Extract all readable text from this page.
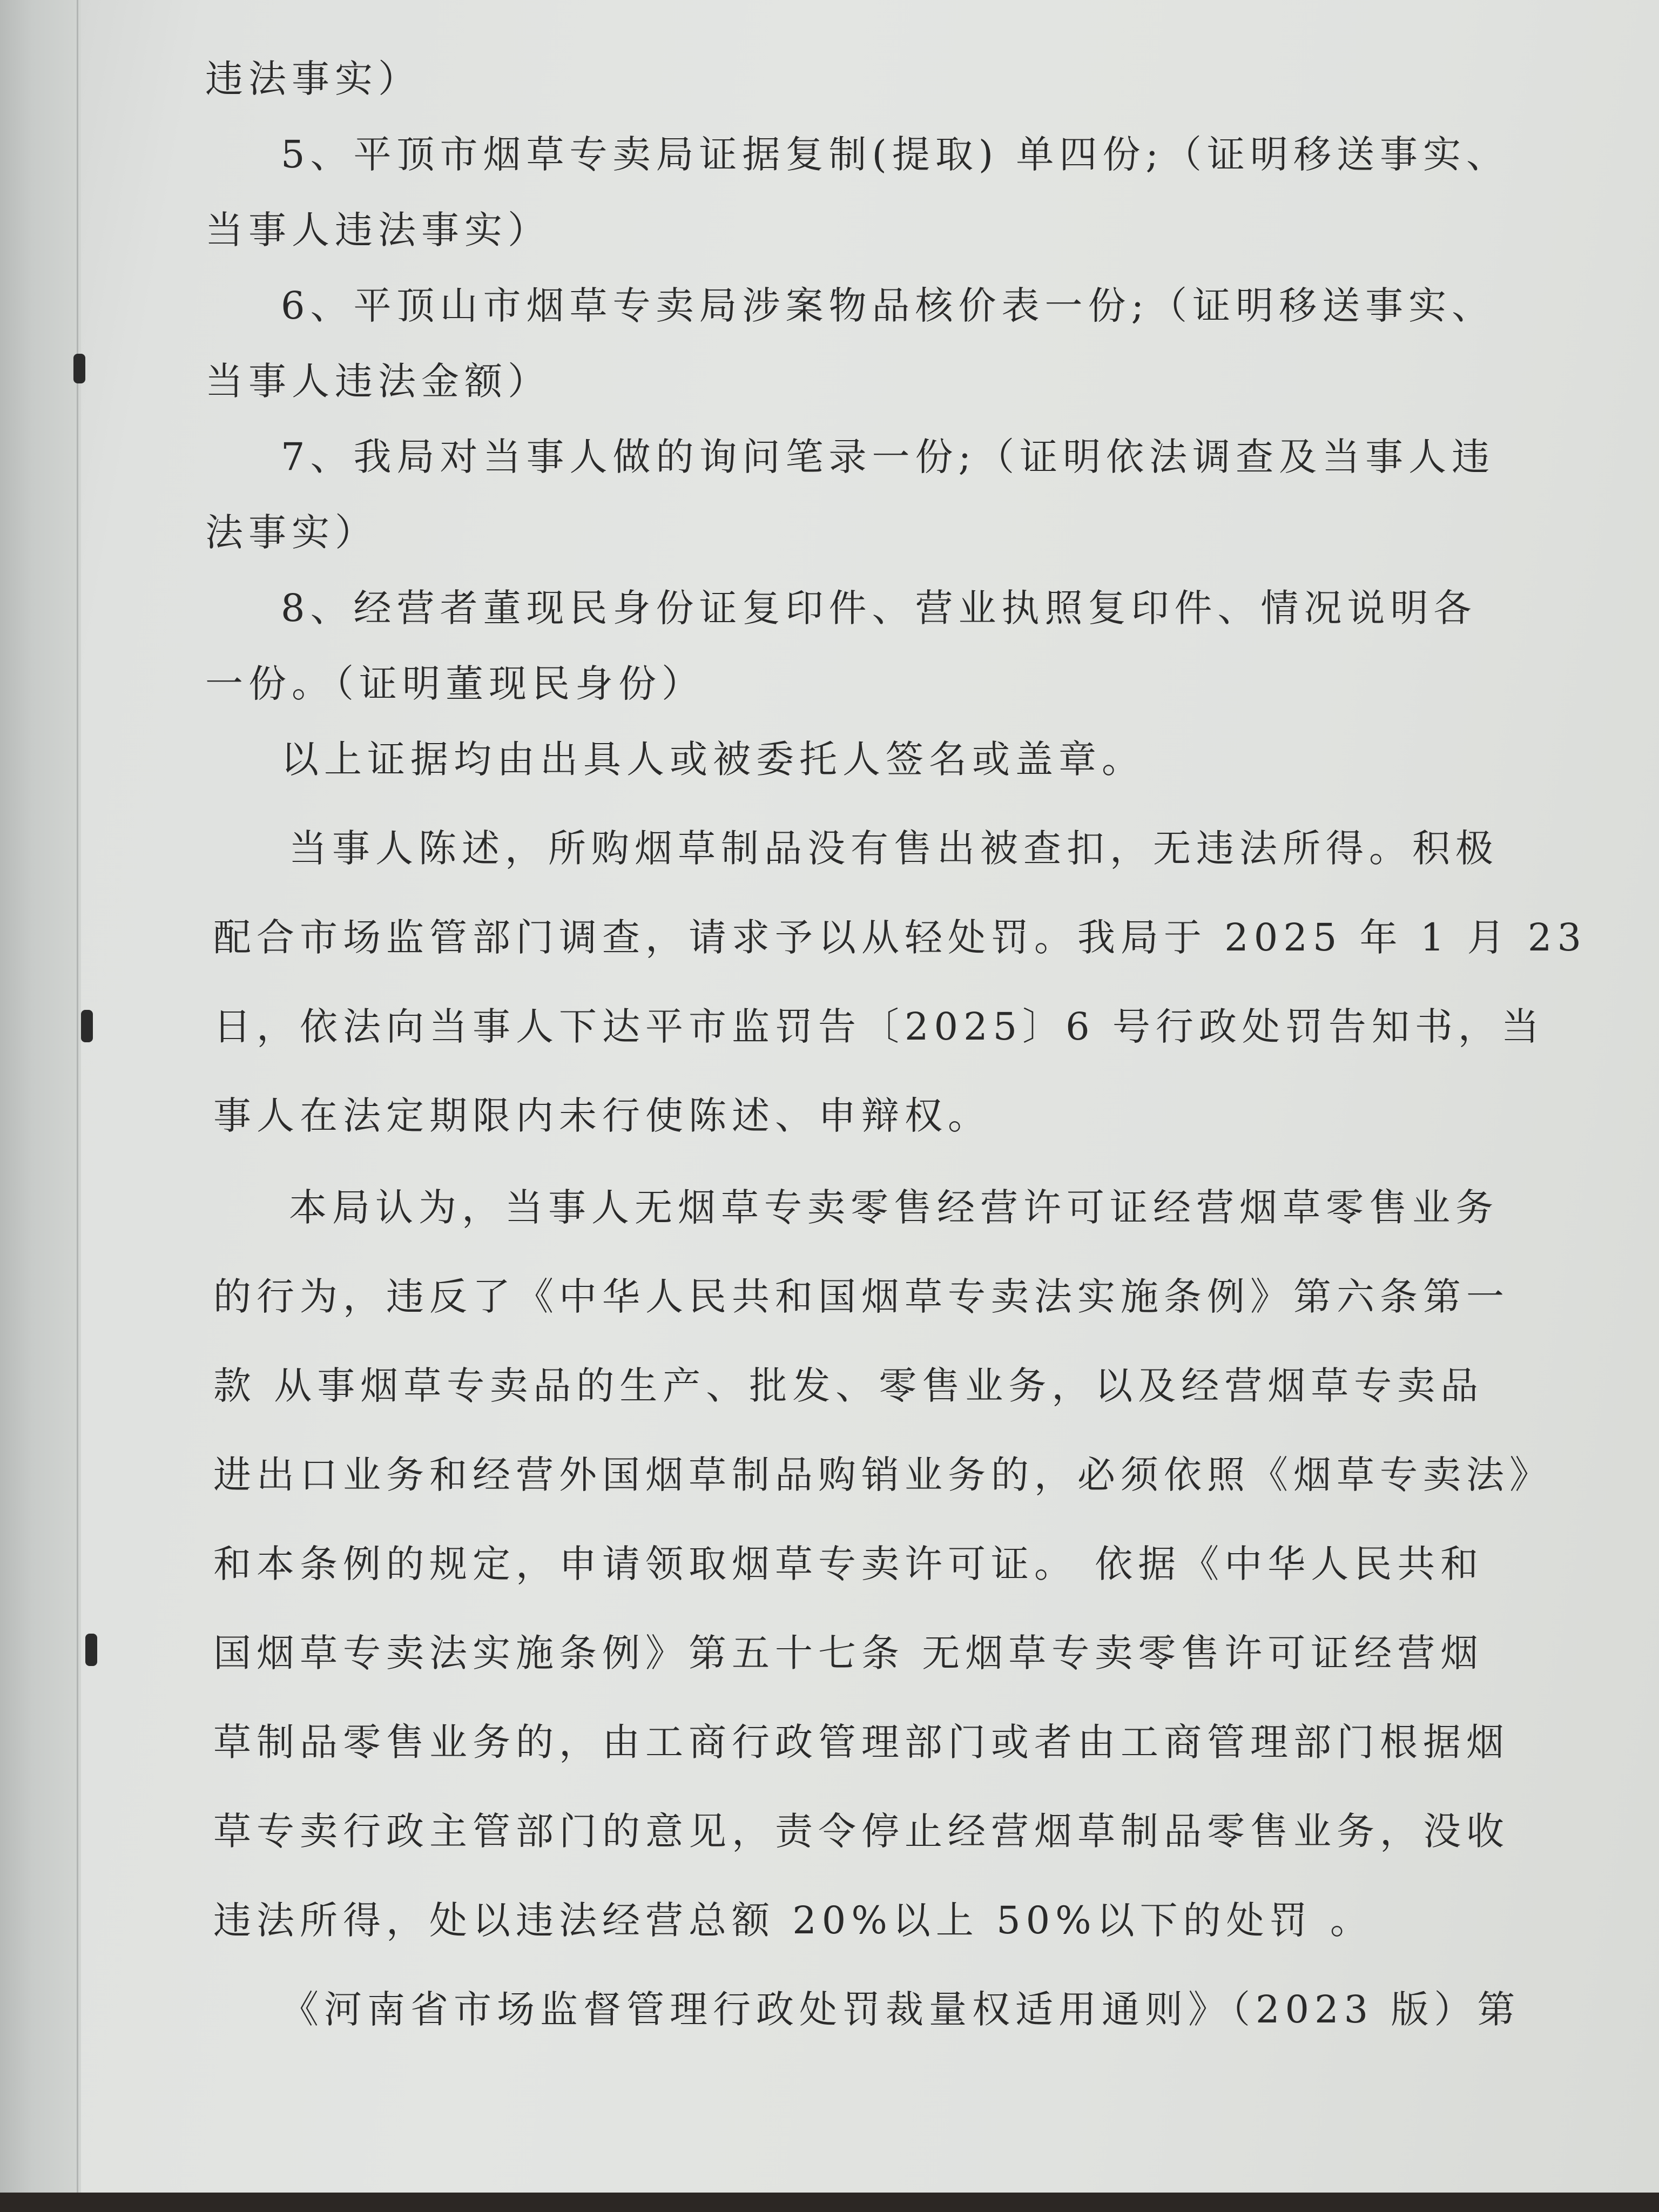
违法事实）
5、平顶市烟草专卖局证据复制(提取) 单四份;（证明移送事实、
当事人违法事实）
6、平顶山市烟草专卖局涉案物品核价表一份;（证明移送事实、
当事人违法金额）
7、我局对当事人做的询问笔录一份;（证明依法调查及当事人违
法事实）
8、经营者董现民身份证复印件、营业执照复印件、情况说明各
一份。（证明董现民身份）
以上证据均由出具人或被委托人签名或盖章。
当事人陈述，所购烟草制品没有售出被查扣，无违法所得。积极
配合市场监管部门调查，请求予以从轻处罚。我局于 2025 年 1 月 23
日，依法向当事人下达平市监罚告〔2025〕6 号行政处罚告知书，当
事人在法定期限内未行使陈述、申辩权。
本局认为，当事人无烟草专卖零售经营许可证经营烟草零售业务
的行为，违反了《中华人民共和国烟草专卖法实施条例》第六条第一
款 从事烟草专卖品的生产、批发、零售业务，以及经营烟草专卖品
进出口业务和经营外国烟草制品购销业务的，必须依照《烟草专卖法》
和本条例的规定，申请领取烟草专卖许可证。 依据《中华人民共和
国烟草专卖法实施条例》第五十七条 无烟草专卖零售许可证经营烟
草制品零售业务的，由工商行政管理部门或者由工商管理部门根据烟
草专卖行政主管部门的意见，责令停止经营烟草制品零售业务，没收
违法所得，处以违法经营总额 20%以上 50%以下的处罚 。
《河南省市场监督管理行政处罚裁量权适用通则》（2023 版）第
